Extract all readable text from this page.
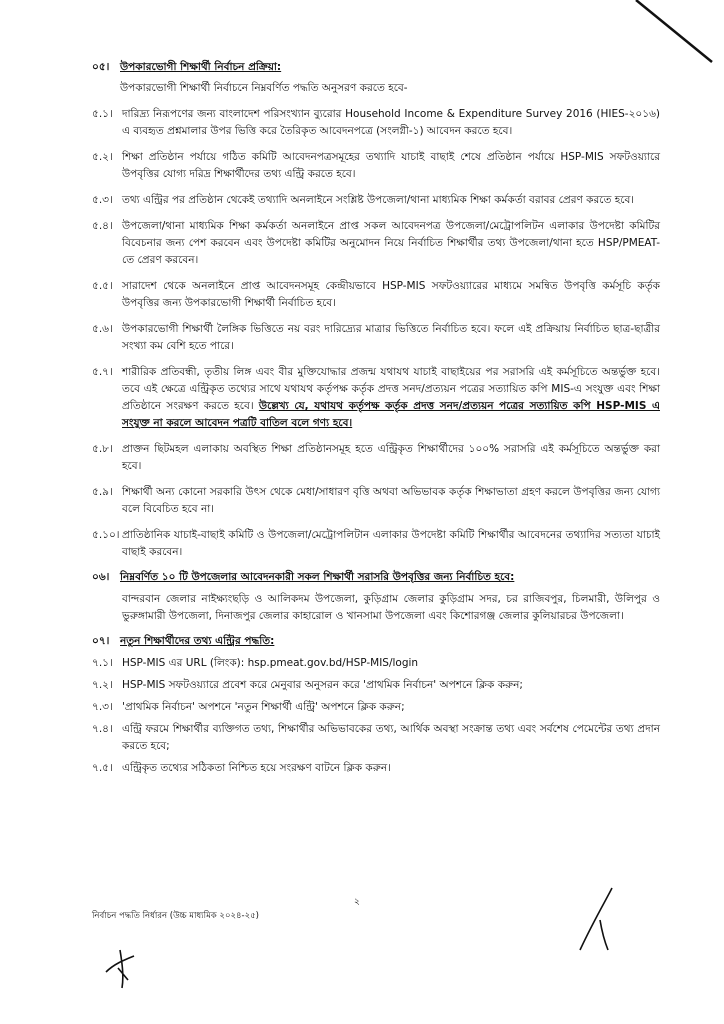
০৫।	উপকারভোগী শিক্ষার্থী নির্বাচন প্রক্রিয়া:
উপকারভোগী শিক্ষার্থী নির্বাচনে নিম্নবর্ণিত পদ্ধতি অনুসরণ করতে হবে-
৫.১। দারিদ্র্য নিরূপণের জন্য বাংলাদেশ পরিসংখ্যান ব্যুরোর Household Income & Expenditure Survey 2016 (HIES-২০১৬) এ ব্যবহৃত প্রশ্নমালার উপর ভিত্তি করে তৈরিকৃত আবেদনপত্রে (সংলগ্নী-১) আবেদন করতে হবে।
৫.২। শিক্ষা প্রতিষ্ঠান পর্যায়ে গঠিত কমিটি আবেদনপত্রসমূহের তথ্যাদি যাচাই বাছাই শেষে প্রতিষ্ঠান পর্যায়ে HSP-MIS সফটওয়্যারে উপবৃত্তির যোগ্য দরিদ্র শিক্ষার্থীদের তথ্য এন্ট্রি করতে হবে।
৫.৩। তথ্য এন্ট্রির পর প্রতিষ্ঠান থেকেই তথ্যাদি অনলাইনে সংশ্লিষ্ট উপজেলা/থানা মাধ্যমিক শিক্ষা কর্মকর্তা বরাবর প্রেরণ করতে হবে।
৫.৪। উপজেলা/থানা মাধ্যমিক শিক্ষা কর্মকর্তা অনলাইনে প্রাপ্ত সকল আবেদনপত্র উপজেলা/মেট্রোপলিটন এলাকার উপদেষ্টা কমিটির বিবেচনার জন্য পেশ করবেন এবং উপদেষ্টা কমিটির অনুমোদন নিয়ে নির্বাচিত শিক্ষার্থীর তথ্য উপজেলা/থানা হতে HSP/PMEAT-তে প্রেরণ করবেন।
৫.৫। সারাদেশ থেকে অনলাইনে প্রাপ্ত আবেদনসমূহ কেন্দ্রীয়ভাবে HSP-MIS সফটওয়্যারের মাধ্যমে সমন্বিত উপবৃত্তি কর্মসূচি কর্তৃক উপবৃত্তির জন্য উপকারভোগী শিক্ষার্থী নির্বাচিত হবে।
৫.৬। উপকারভোগী শিক্ষার্থী লৈঙ্গিক ভিত্তিতে নয় বরং দারিদ্র্যের মাত্রার ভিত্তিতে নির্বাচিত হবে। ফলে এই প্রক্রিয়ায় নির্বাচিত ছাত্র-ছাত্রীর সংখ্যা কম বেশি হতে পারে।
৫.৭। শারীরিক প্রতিবন্ধী, তৃতীয় লিঙ্গ এবং বীর মুক্তিযোদ্ধার প্রজন্ম যথাযথ যাচাই বাছাইয়ের পর সরাসরি এই কর্মসূচিতে অন্তর্ভুক্ত হবে। তবে এই ক্ষেত্রে এন্ট্রিকৃত তথ্যের সাথে যথাযথ কর্তৃপক্ষ কর্তৃক প্রদত্ত সনদ/প্রত্যয়ন পত্রের সত্যায়িত কপি MIS-এ সংযুক্ত এবং শিক্ষা প্রতিষ্ঠানে সংরক্ষণ করতে হবে। উল্লেখ্য যে, যথাযথ কর্তৃপক্ষ কর্তৃক প্রদত্ত সনদ/প্রত্যয়ন পত্রের সত্যায়িত কপি HSP-MIS এ সংযুক্ত না করলে আবেদন পত্রটি বাতিল বলে গণ্য হবে।
৫.৮। প্রাক্তন ছিটমহল এলাকায় অবস্থিত শিক্ষা প্রতিষ্ঠানসমূহ হতে এন্ট্রিকৃত শিক্ষার্থীদের ১০০% সরাসরি এই কর্মসূচিতে অন্তর্ভুক্ত করা হবে।
৫.৯। শিক্ষার্থী অন্য কোনো সরকারি উৎস থেকে মেধা/সাধারণ বৃত্তি অথবা অভিভাবক কর্তৃক শিক্ষাভাতা গ্রহণ করলে উপবৃত্তির জন্য যোগ্য বলে বিবেচিত হবে না।
৫.১০। প্রাতিষ্ঠানিক যাচাই-বাছাই কমিটি ও উপজেলা/মেট্রোপলিটান এলাকার উপদেষ্টা কমিটি শিক্ষার্থীর আবেদনের তথ্যাদির সত্যতা যাচাই বাছাই করবেন।
০৬।	নিম্নবর্ণিত ১০ টি উপজেলার আবেদনকারী সকল শিক্ষার্থী সরাসরি উপবৃত্তির জন্য নির্বাচিত হবে:
বান্দরবান জেলার নাইক্ষ্যংছড়ি ও আলিকদম উপজেলা, কুড়িগ্রাম জেলার কুড়িগ্রাম সদর, চর রাজিবপুর, চিলমারী, উলিপুর ও ভুরুঙ্গামারী উপজেলা, দিনাজপুর জেলার কাহারোল ও খানসামা উপজেলা এবং কিশোরগঞ্জ জেলার কুলিয়ারচর উপজেলা।
০৭।	নতুন শিক্ষার্থীদের তথ্য এন্ট্রির পদ্ধতি:
৭.১। HSP-MIS এর URL (লিংক): hsp.pmeat.gov.bd/HSP-MIS/login
৭.২। HSP-MIS সফটওয়্যারে প্রবেশ করে মেনুবার অনুসরন করে 'প্রাথমিক নির্বাচন' অপশনে ক্লিক করুন;
৭.৩। 'প্রাথমিক নির্বাচন' অপশনে 'নতুন শিক্ষার্থী এন্ট্রি' অপশনে ক্লিক করুন;
৭.৪। এন্ট্রি ফরমে শিক্ষার্থীর ব্যক্তিগত তথ্য, শিক্ষার্থীর অভিভাবকের তথ্য, আর্থিক অবস্থা সংক্রান্ত তথ্য এবং সর্বশেষ পেমেন্টের তথ্য প্রদান করতে হবে;
৭.৫। এন্ট্রিকৃত তথ্যের সঠিকতা নিশ্চিত হয়ে সংরক্ষণ বাটনে ক্লিক করুন।
২
নির্বাচন পদ্ধতি নির্ধারন (উচ্চ মাধ্যমিক ২০২৪-২৫)
